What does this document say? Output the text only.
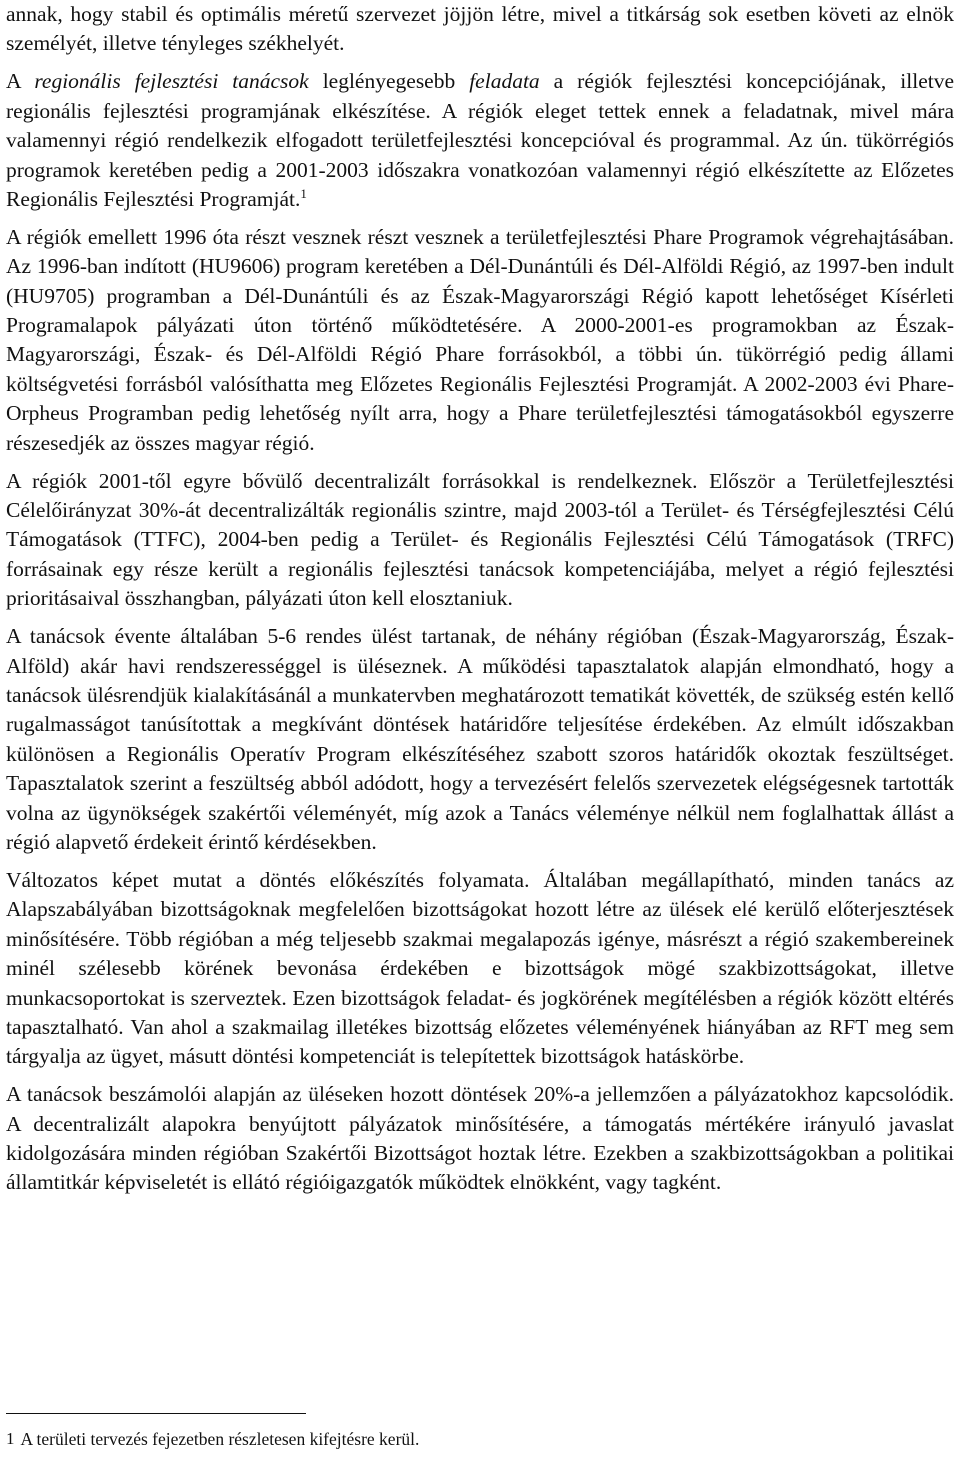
annak, hogy stabil és optimális méretű szervezet jöjjön létre, mivel a titkárság sok esetben követi az elnök személyét, illetve tényleges székhelyét.

A regionális fejlesztési tanácsok leglényegesebb feladata a régiók fejlesztési koncepciójának, illetve regionális fejlesztési programjának elkészítése. A régiók eleget tettek ennek a feladatnak, mivel mára valamennyi régió rendelkezik elfogadott területfejlesztési koncepcióval és programmal. Az ún. tükörrégiós programok keretében pedig a 2001-2003 időszakra vonatkozóan valamennyi régió elkészítette az Előzetes Regionális Fejlesztési Programját.$^1$

A régiók emellett 1996 óta részt vesznek részt vesznek a területfejlesztési Phare Programok végrehajtásában. Az 1996-ban indított (HU9606) program keretében a Dél-Dunántúli és Dél-Alföldi Régió, az 1997-ben indult (HU9705) programban a Dél-Dunántúli és az Észak-Magyarországi Régió kapott lehetőséget Kísérleti Programalapok pályázati úton történő működtetésére. A 2000-2001-es programokban az Észak-Magyarországi, Észak- és Dél-Alföldi Régió Phare forrásokból, a többi ún. tükörrégió pedig állami költségvetési forrásból valósíthatta meg Előzetes Regionális Fejlesztési Programját. A 2002-2003 évi Phare-Orpheus Programban pedig lehetőség nyílt arra, hogy a Phare területfejlesztési támogatásokból egyszerre részesedjék az összes magyar régió.

A régiók 2001-től egyre bővülő decentralizált forrásokkal is rendelkeznek. Először a Területfejlesztési Célelőirányzat 30%-át decentralizálták regionális szintre, majd 2003-tól a Terület- és Térségfejlesztési Célú Támogatások (TTFC), 2004-ben pedig a Terület- és Regionális Fejlesztési Célú Támogatások (TRFC) forrásainak egy része került a regionális fejlesztési tanácsok kompetenciájába, melyet a régió fejlesztési prioritásaival összhangban, pályázati úton kell elosztaniuk.

A tanácsok évente általában 5-6 rendes ülést tartanak, de néhány régióban (Észak-Magyarország, Észak-Alföld) akár havi rendszerességgel is üléseznek. A működési tapasztalatok alapján elmondható, hogy a tanácsok ülésrendjük kialakításánál a munkatervben meghatározott tematikát követték, de szükség estén kellő rugalmasságot tanúsítottak a megkívánt döntések határidőre teljesítése érdekében. Az elmúlt időszakban különösen a Regionális Operatív Program elkészítéséhez szabott szoros határidők okoztak feszültséget. Tapasztalatok szerint a feszültség abból adódott, hogy a tervezésért felelős szervezetek elégségesnek tartották volna az ügynökségek szakértői véleményét, míg azok a Tanács véleménye nélkül nem foglalhattak állást a régió alapvető érdekeit érintő kérdésekben.

Változatos képet mutat a döntés előkészítés folyamata. Általában megállapítható, minden tanács az Alapszabályában bizottságoknak megfelelően bizottságokat hozott létre az ülések elé kerülő előterjesztések minősítésére. Több régióban a még teljesebb szakmai megalapozás igénye, másrészt a régió szakembereinek minél szélesebb körének bevonása érdekében e bizottságok mögé szakbizottságokat, illetve munkacsoportokat is szerveztek. Ezen bizottságok feladat- és jogkörének megítélésben a régiók között eltérés tapasztalható. Van ahol a szakmailag illetékes bizottság előzetes véleményének hiányában az RFT meg sem tárgyalja az ügyet, másutt döntési kompetenciát is telepítettek bizottságok hatáskörbe.

A tanácsok beszámolói alapján az üléseken hozott döntések 20%-a jellemzően a pályázatokhoz kapcsolódik. A decentralizált alapokra benyújtott pályázatok minősítésére, a támogatás mértékére irányuló javaslat kidolgozására minden régióban Szakértői Bizottságot hoztak létre. Ezekben a szakbizottságokban a politikai államtitkár képviseletét is ellátó régióigazgatók működtek elnökként, vagy tagként.

1 A területi tervezés fejezetben részletesen kifejtésre kerül.
